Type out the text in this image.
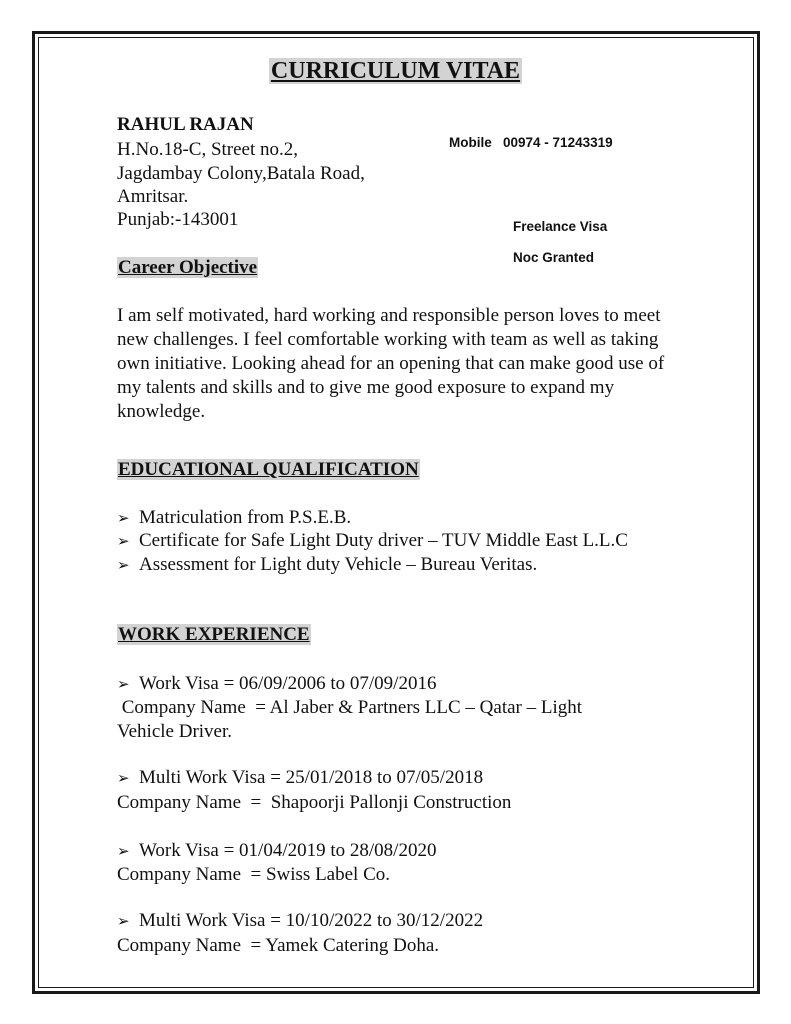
CURRICULUM VITAE
RAHUL RAJAN
H.No.18-C, Street no.2,
Jagdambay Colony,Batala Road,
Amritsar.
Punjab:-143001
Mobile 00974 - 71243319
Freelance Visa
Noc Granted
Career Objective
I am self motivated, hard working and responsible person loves to meet new challenges. I feel comfortable working with team as well as taking own initiative. Looking ahead for an opening that can make good use of my talents and skills and to give me good exposure to expand my knowledge.
EDUCATIONAL QUALIFICATION
➢ Matriculation from P.S.E.B.
➢ Certificate for Safe Light Duty driver – TUV Middle East L.L.C
➢ Assessment for Light duty Vehicle – Bureau Veritas.
WORK EXPERIENCE
➢ Work Visa = 06/09/2006 to 07/09/2016
Company Name  = Al Jaber & Partners LLC – Qatar – Light
Vehicle Driver.
➢ Multi Work Visa = 25/01/2018 to 07/05/2018
Company Name  =  Shapoorji Pallonji Construction
➢ Work Visa = 01/04/2019 to 28/08/2020
Company Name  = Swiss Label Co.
➢ Multi Work Visa = 10/10/2022 to 30/12/2022
Company Name  = Yamek Catering Doha.
